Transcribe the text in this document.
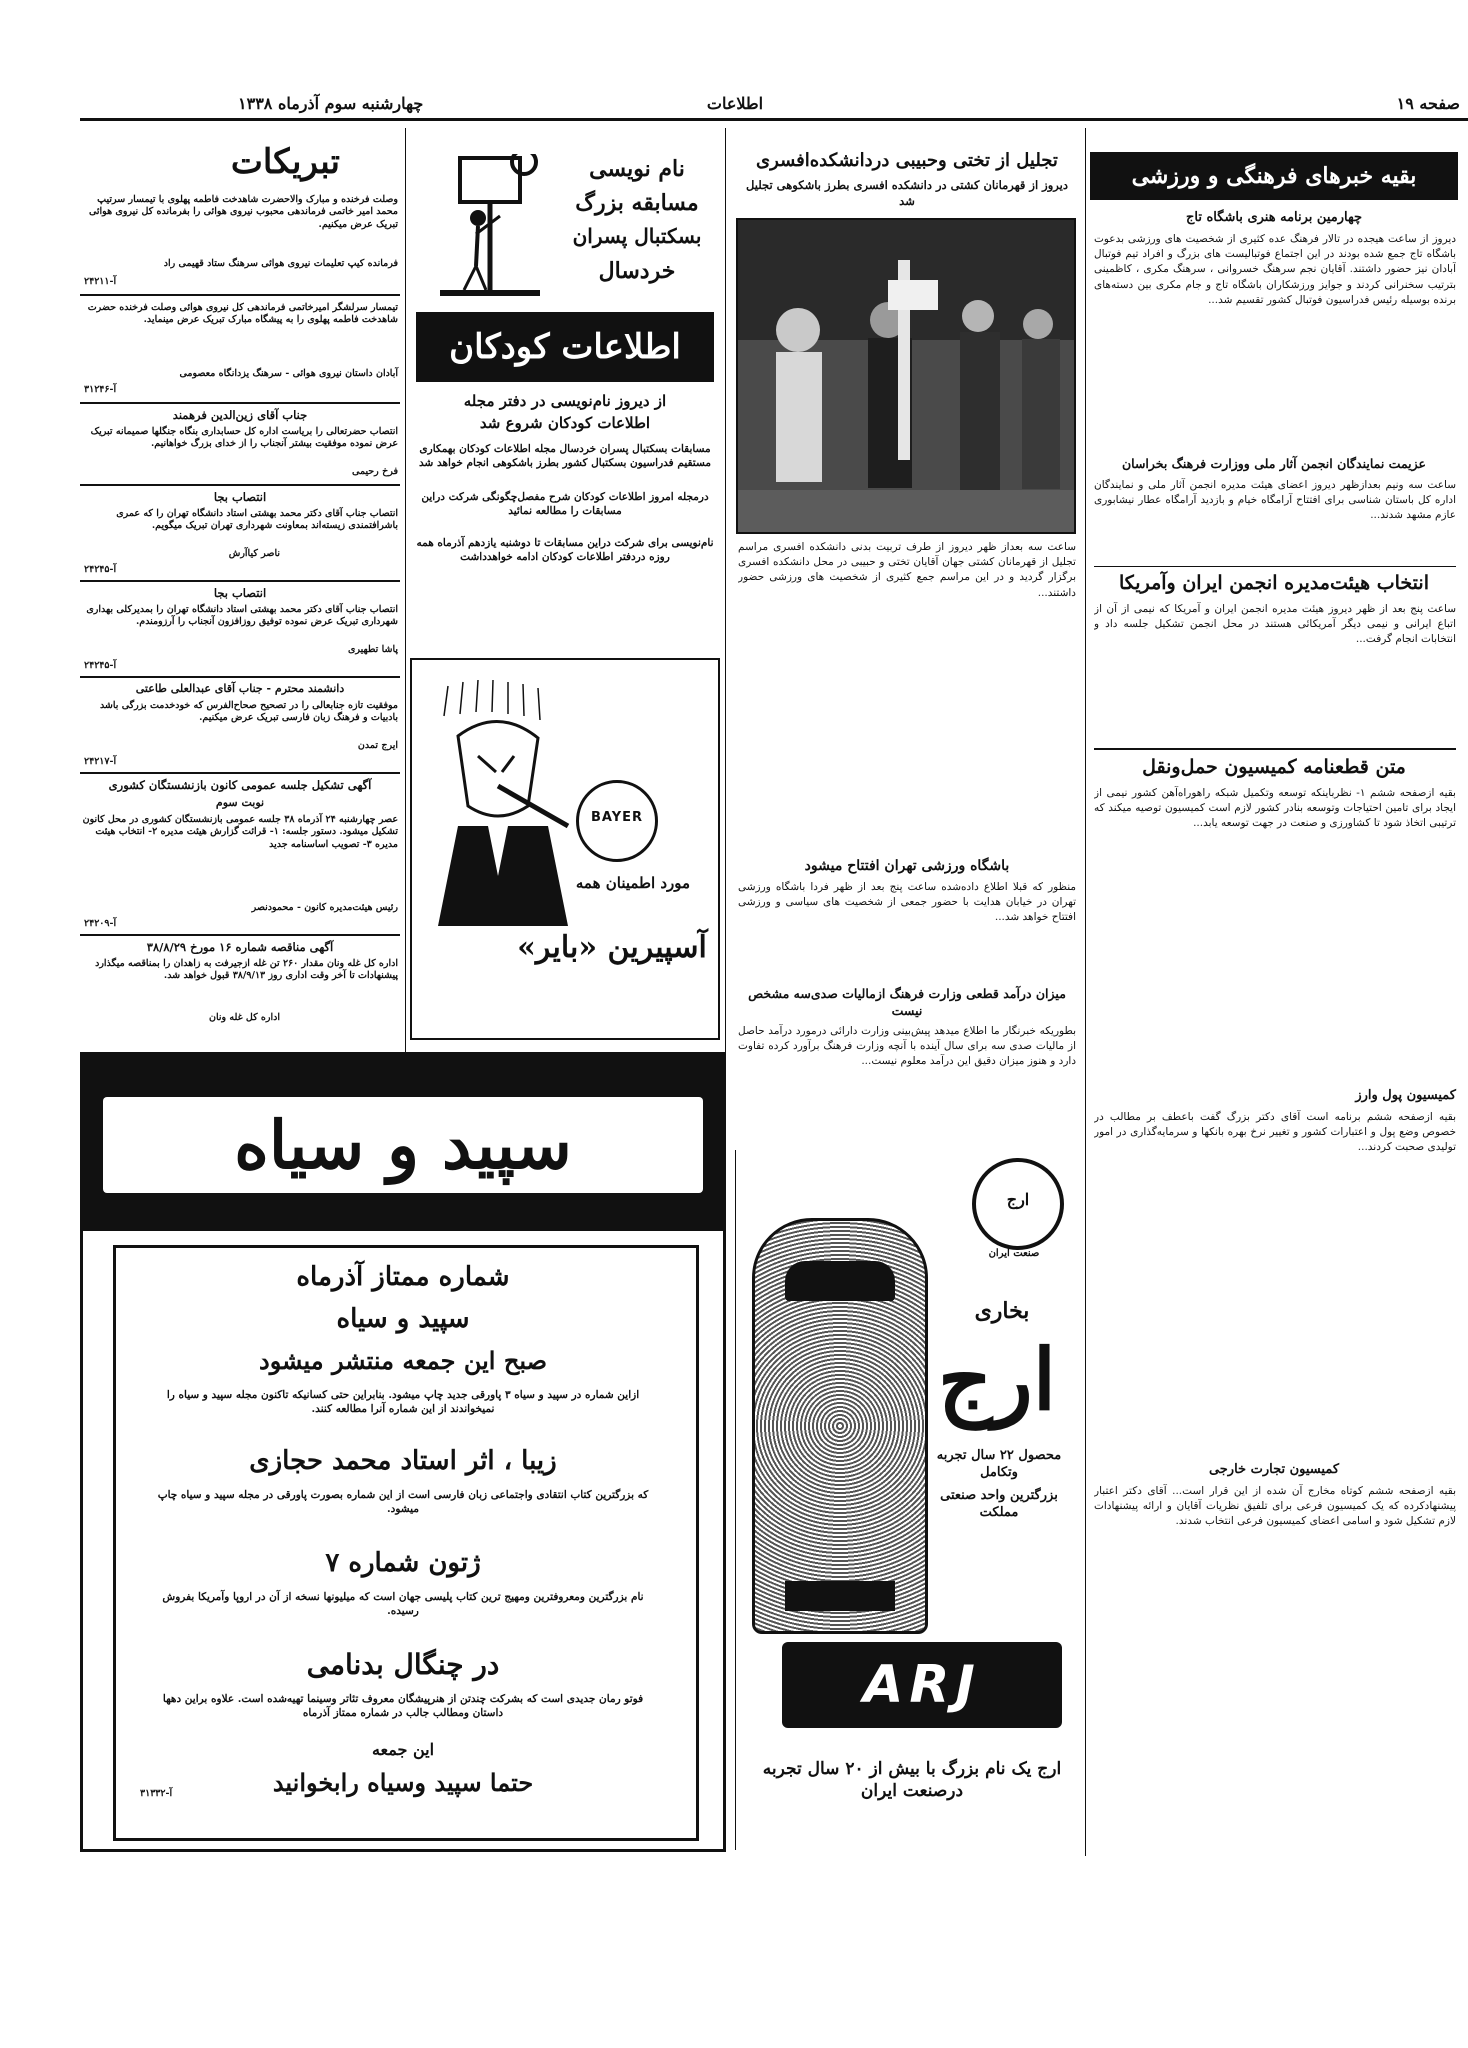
صفحه ۱۹
اطلاعات
چهارشنبه سوم آذرماه ۱۳۳۸
بقیه خبرهای فرهنگی و ورزشی
چهارمین برنامه هنری باشگاه تاج
دیروز از ساعت هیجده در تالار فرهنگ عده کثیری از شخصیت های ورزشی بدعوت باشگاه تاج جمع شده بودند در این اجتماع فوتبالیست های بزرگ و افراد تیم فوتبال آبادان نیز حضور داشتند. آقایان نجم سرهنگ خسروانی ، سرهنگ مکری ، کاظمینی بترتیب سخنرانی کردند و جوایز ورزشکاران باشگاه تاج و جام مکری بین دسته‌های برنده بوسیله رئیس فدراسیون فوتبال کشور تقسیم شد...
عزیمت نمایندگان انجمن آثار ملی ووزارت فرهنگ بخراسان
ساعت سه ونیم بعدازظهر دیروز اعضای هیئت مدیره انجمن آثار ملی و نمایندگان اداره کل باستان شناسی برای افتتاح آرامگاه خیام و بازدید آرامگاه عطار نیشابوری عازم مشهد شدند...
انتخاب هیئت‌مدیره انجمن ایران وآمریکا
ساعت پنج بعد از ظهر دیروز هیئت مدیره انجمن ایران و آمریکا که نیمی از آن از اتباع ایرانی و نیمی دیگر آمریکائی هستند در محل انجمن تشکیل جلسه داد و انتخابات انجام گرفت...
متن قطعنامه کمیسیون حمل‌ونقل
بقیه ازصفحه ششم ۱- نظرباینکه توسعه وتکمیل شبکه راهوراه‌آهن کشور نیمی از ایجاد برای تامین احتیاجات وتوسعه بنادر کشور لازم است کمیسیون توصیه میکند که ترتیبی اتخاذ شود تا کشاورزی و صنعت در جهت توسعه یابد...
کمیسیون پول وارز
بقیه ازصفحه ششم برنامه است آقای دکتر بزرگ گفت باعطف بر مطالب در خصوص وضع پول و اعتبارات کشور و تغییر نرخ بهره بانکها و سرمایه‌گذاری در امور تولیدی صحبت کردند...
کمیسیون تجارت خارجی
بقیه ازصفحه ششم کوتاه مخارج آن شده از این قرار است... آقای دکتر اعتبار پیشنهادکرده که یک کمیسیون فرعی برای تلفیق نظریات آقایان و ارائه پیشنهادات لازم تشکیل شود و اسامی اعضای کمیسیون فرعی انتخاب شدند.
تجلیل از تختی وحبیبی دردانشکده‌افسری
دیروز از قهرمانان کشتی در دانشکده افسری بطرز باشکوهی تجلیل شد
ساعت سه بعداز ظهر دیروز از طرف تربیت بدنی دانشکده افسری مراسم تجلیل از قهرمانان کشتی جهان آقایان تختی و حبیبی در محل دانشکده افسری برگزار گردید و در این مراسم جمع کثیری از شخصیت های ورزشی حضور داشتند...
باشگاه ورزشی تهران افتتاح میشود
منظور که قبلا اطلاع داده‌شده ساعت پنج بعد از ظهر فردا باشگاه ورزشی تهران در خیابان هدایت با حضور جمعی از شخصیت های سیاسی و ورزشی افتتاح خواهد شد...
میزان درآمد قطعی وزارت فرهنگ ازمالیات صدی‌سه مشخص نیست
بطوریکه خبرنگار ما اطلاع میدهد پیش‌بینی وزارت دارائی درمورد درآمد حاصل از مالیات صدی سه برای سال آینده با آنچه وزارت فرهنگ برآورد کرده تفاوت دارد و هنوز میزان دقیق این درآمد معلوم نیست...
نام نویسی
مسابقه بزرگ
بسکتبال پسران
خردسال
اطلاعات کودکان
از دیروز نام‌نویسی در دفتر مجله
اطلاعات کودکان شروع شد
مسابقات بسکتبال پسران خردسال مجله اطلاعات کودکان بهمکاری مستقیم فدراسیون بسکتبال کشور بطرز باشکوهی انجام خواهد شد
درمجله امروز اطلاعات کودکان شرح مفصل‌چگونگی شرکت دراین مسابقات را مطالعه نمائید
نام‌نویسی برای شرکت دراین مسابقات تا دوشنبه یازدهم آذرماه همه روزه دردفتر اطلاعات کودکان ادامه خواهدداشت
BAYER
مورد اطمینان همه
آسپیرین «بایر»
تبریکات
وصلت فرخنده و مبارک والاحضرت شاهدخت فاطمه پهلوی با تیمسار سرتیپ محمد امیر خاتمی فرماندهی محبوب نیروی هوائی را بفرمانده کل نیروی هوائی تبریک عرض میکنیم.
فرمانده کیپ تعلیمات نیروی هوائی سرهنگ ستاد قهیمی راد
آ-۲۴۲۱۱
تیمسار سرلشگر امیرخاتمی فرماندهی کل نیروی هوائی وصلت فرخنده حضرت شاهدخت فاطمه پهلوی را به پیشگاه مبارک تبریک عرض مینماید.
آبادان داستان نیروی هوائی - سرهنگ یزدانگاه معصومی
آ-۳۱۲۴۶
جناب آقای زین‌الدین فرهمند
انتصاب حضرتعالی را بریاست اداره کل حسابداری بنگاه جنگلها صمیمانه تبریک عرض نموده موفقیت بیشتر آنجناب را از خدای بزرگ خواهانیم.
فرخ رحیمی
انتصاب بجا
انتصاب جناب آقای دکتر محمد بهشتی استاد دانشگاه تهران را که عمری باشرافتمندی زیسته‌اند بمعاونت شهرداری تهران تبریک میگویم.
ناصر کیاآرش
آ-۲۴۲۴۵
انتصاب بجا
انتصاب جناب آقای دکتر محمد بهشتی استاد دانشگاه تهران را بمدیرکلی بهداری شهرداری تبریک عرض نموده توفیق روزافزون آنجناب را آرزومندم.
پاشا تطهیری
آ-۲۴۲۴۵
دانشمند محترم - جناب آقای عبدالعلی طاعتی
موفقیت تازه جنابعالی را در تصحیح صحاح‌الفرس که خودخدمت بزرگی باشد بادبیات و فرهنگ زبان فارسی تبریک عرض میکنیم.
ایرج تمدن
آ-۲۴۲۱۷
آگهی تشکیل جلسه عمومی کانون بازنشستگان کشوری
نوبت سوم
عصر چهارشنبه ۲۴ آذرماه ۳۸ جلسه عمومی بازنشستگان کشوری در محل کانون تشکیل میشود. دستور جلسه: ۱- قرائت گزارش هیئت مدیره ۲- انتخاب هیئت مدیره ۳- تصویب اساسنامه جدید
رئیس هیئت‌مدیره کانون - محمودنصر
آ-۲۴۲۰۹
آگهی مناقصه شماره ۱۶ مورخ ۳۸/۸/۲۹
اداره کل غله ونان مقدار ۲۶۰ تن غله ازجیرفت به زاهدان را بمناقصه میگذارد پیشنهادات تا آخر وقت اداری روز ۳۸/۹/۱۳ قبول خواهد شد.
اداره کل غله ونان
سپید و سیاه
شماره ممتاز آذرماه
سپید و سیاه
صبح این جمعه منتشر میشود
ازاین شماره در سپید و سیاه ۳ پاورقی جدید چاپ میشود. بنابراین حتی کسانیکه تاکنون مجله سپید و سیاه را نمیخواندند از این شماره آنرا مطالعه کنند.
زیبا ، اثر استاد محمد حجازی
که بزرگترین کتاب انتقادی واجتماعی زبان فارسی است از این شماره بصورت پاورقی در مجله سپید و سیاه چاپ میشود.
ژتون شماره ۷
نام بزرگترین ومعروفترین ومهیج ترین کتاب پلیسی جهان است که میلیونها نسخه از آن در اروپا وآمریکا بفروش رسیده.
در چنگال بدنامی
فوتو رمان جدیدی است که بشرکت چندتن از هنرپیشگان معروف تئاتر وسینما تهیه‌شده است. علاوه براین دهها داستان ومطالب جالب در شماره ممتاز آذرماه
این جمعه
حتما سپید وسیاه رابخوانید
آ-۳۱۳۳۲
ارج
صنعت ایران
بخاری
ارج
محصول ۲۲ سال تجربه وتکامل
بزرگترین واحد صنعتی مملکت
ARJ
ارج یک نام بزرگ با بیش از ۲۰ سال تجربه درصنعت ایران
